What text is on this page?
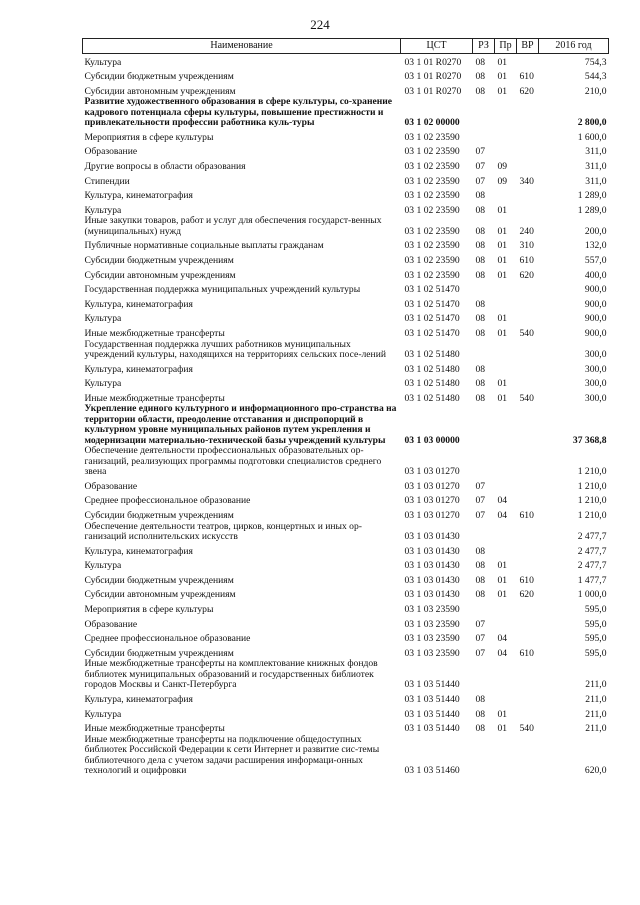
224
Наименование	ЦСТ	РЗ	Пр	ВР	2016 год
Культура	03 1 01 R0270	08	01		754,3
Субсидии бюджетным учреждениям	03 1 01 R0270	08	01	610	544,3
Субсидии автономным учреждениям	03 1 01 R0270	08	01	620	210,0
Развитие художественного образования в сфере культуры, со-хранение кадрового потенциала сферы культуры, повышение престижности и привлекательности профессии работника куль-туры	03 1 02 00000				2 800,0
Мероприятия в сфере культуры	03 1 02 23590				1 600,0
Образование	03 1 02 23590	07			311,0
Другие вопросы в области образования	03 1 02 23590	07	09		311,0
Стипендии	03 1 02 23590	07	09	340	311,0
Культура, кинематография	03 1 02 23590	08			1 289,0
Культура	03 1 02 23590	08	01		1 289,0
Иные закупки товаров, работ и услуг для обеспечения государст-венных (муниципальных) нужд	03 1 02 23590	08	01	240	200,0
Публичные нормативные социальные выплаты гражданам	03 1 02 23590	08	01	310	132,0
Субсидии бюджетным учреждениям	03 1 02 23590	08	01	610	557,0
Субсидии автономным учреждениям	03 1 02 23590	08	01	620	400,0
Государственная поддержка муниципальных учреждений культуры	03 1 02 51470				900,0
Культура, кинематография	03 1 02 51470	08			900,0
Культура	03 1 02 51470	08	01		900,0
Иные межбюджетные трансферты	03 1 02 51470	08	01	540	900,0
Государственная поддержка лучших работников муниципальных учреждений культуры, находящихся на территориях сельских посе-лений	03 1 02 51480				300,0
Культура, кинематография	03 1 02 51480	08			300,0
Культура	03 1 02 51480	08	01		300,0
Иные межбюджетные трансферты	03 1 02 51480	08	01	540	300,0
Укрепление единого культурного и информационного про-странства на территории области, преодоление отставания и диспропорций в культурном уровне муниципальных районов путем укрепления и модернизации материально-технической базы учреждений культуры	03 1 03 00000				37 368,8
Обеспечение деятельности профессиональных образовательных ор-ганизаций, реализующих программы подготовки специалистов среднего звена	03 1 03 01270				1 210,0
Образование	03 1 03 01270	07			1 210,0
Среднее профессиональное образование	03 1 03 01270	07	04		1 210,0
Субсидии бюджетным учреждениям	03 1 03 01270	07	04	610	1 210,0
Обеспечение деятельности театров, цирков, концертных и иных ор-ганизаций исполнительских искусств	03 1 03 01430				2 477,7
Культура, кинематография	03 1 03 01430	08			2 477,7
Культура	03 1 03 01430	08	01		2 477,7
Субсидии бюджетным учреждениям	03 1 03 01430	08	01	610	1 477,7
Субсидии автономным учреждениям	03 1 03 01430	08	01	620	1 000,0
Мероприятия в сфере культуры	03 1 03 23590				595,0
Образование	03 1 03 23590	07			595,0
Среднее профессиональное образование	03 1 03 23590	07	04		595,0
Субсидии бюджетным учреждениям	03 1 03 23590	07	04	610	595,0
Иные межбюджетные трансферты на комплектование книжных фондов библиотек муниципальных образований и государственных библиотек городов Москвы и Санкт-Петербурга	03 1 03 51440				211,0
Культура, кинематография	03 1 03 51440	08			211,0
Культура	03 1 03 51440	08	01		211,0
Иные межбюджетные трансферты	03 1 03 51440	08	01	540	211,0
Иные межбюджетные трансферты на подключение общедоступных библиотек Российской Федерации к сети Интернет и развитие сис-темы библиотечного дела с учетом задачи расширения информаци-онных технологий и оцифровки	03 1 03 51460				620,0
